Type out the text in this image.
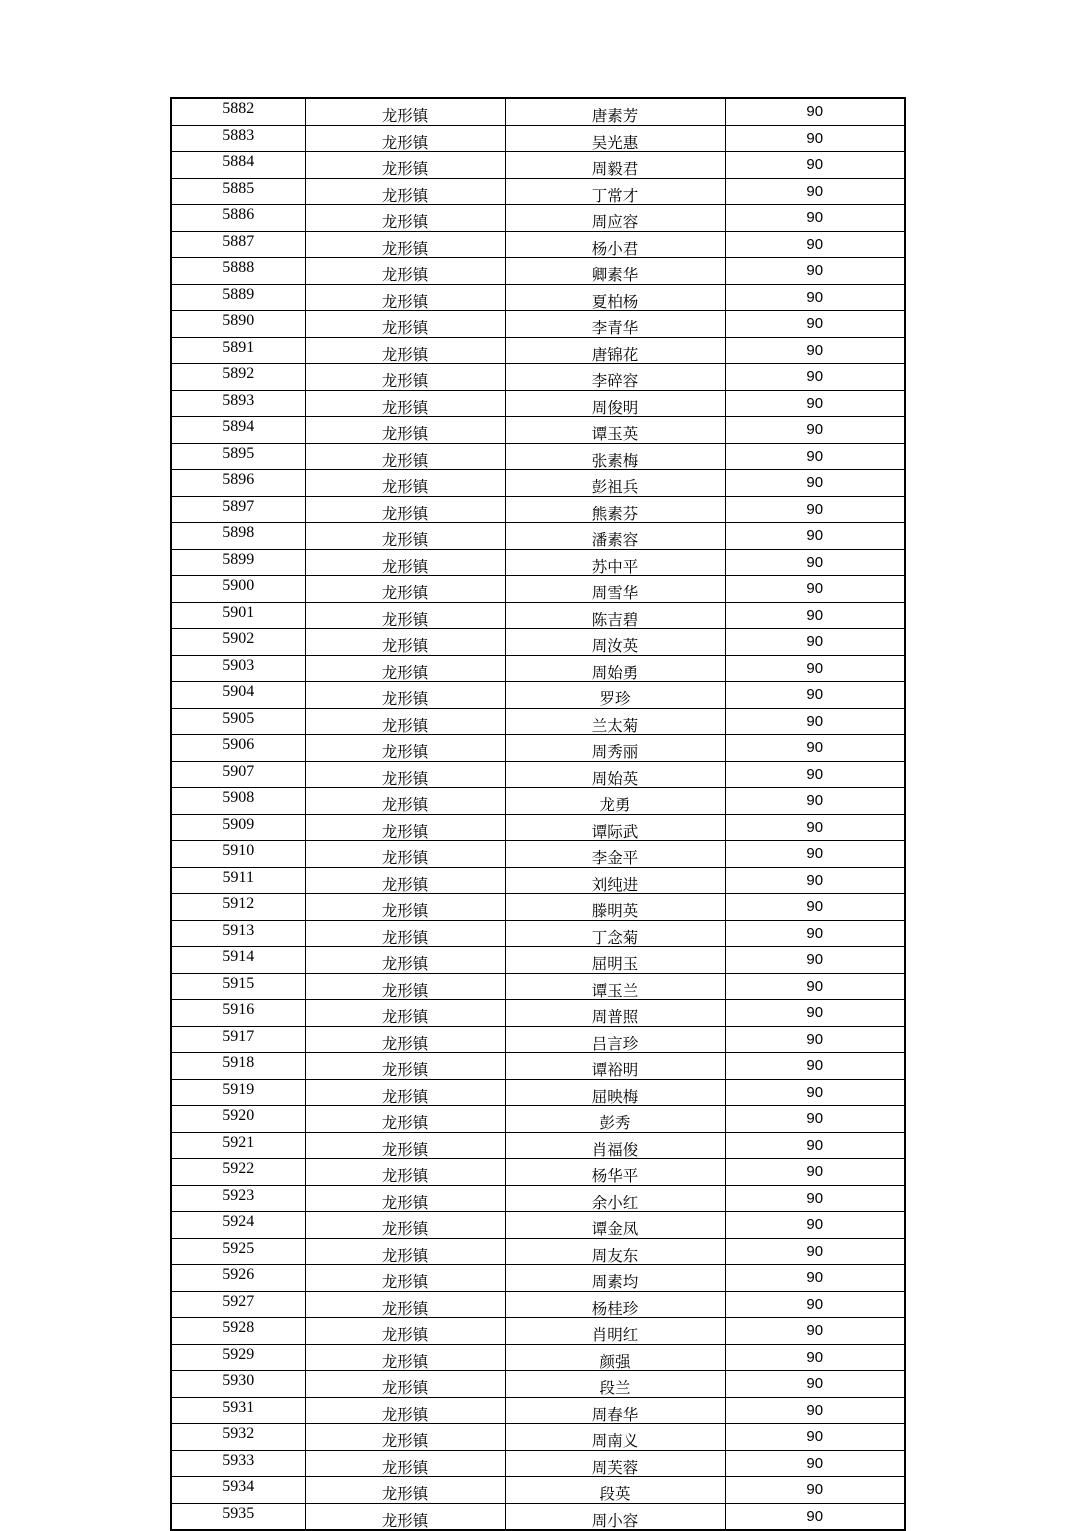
5882	龙形镇	唐素芳	90
5883	龙形镇	吴光惠	90
5884	龙形镇	周毅君	90
5885	龙形镇	丁常才	90
5886	龙形镇	周应容	90
5887	龙形镇	杨小君	90
5888	龙形镇	卿素华	90
5889	龙形镇	夏柏杨	90
5890	龙形镇	李青华	90
5891	龙形镇	唐锦花	90
5892	龙形镇	李碎容	90
5893	龙形镇	周俊明	90
5894	龙形镇	谭玉英	90
5895	龙形镇	张素梅	90
5896	龙形镇	彭祖兵	90
5897	龙形镇	熊素芬	90
5898	龙形镇	潘素容	90
5899	龙形镇	苏中平	90
5900	龙形镇	周雪华	90
5901	龙形镇	陈吉碧	90
5902	龙形镇	周汝英	90
5903	龙形镇	周始勇	90
5904	龙形镇	罗珍	90
5905	龙形镇	兰太菊	90
5906	龙形镇	周秀丽	90
5907	龙形镇	周始英	90
5908	龙形镇	龙勇	90
5909	龙形镇	谭际武	90
5910	龙形镇	李金平	90
5911	龙形镇	刘纯进	90
5912	龙形镇	滕明英	90
5913	龙形镇	丁念菊	90
5914	龙形镇	屈明玉	90
5915	龙形镇	谭玉兰	90
5916	龙形镇	周普照	90
5917	龙形镇	吕言珍	90
5918	龙形镇	谭裕明	90
5919	龙形镇	屈映梅	90
5920	龙形镇	彭秀	90
5921	龙形镇	肖福俊	90
5922	龙形镇	杨华平	90
5923	龙形镇	余小红	90
5924	龙形镇	谭金凤	90
5925	龙形镇	周友东	90
5926	龙形镇	周素均	90
5927	龙形镇	杨桂珍	90
5928	龙形镇	肖明红	90
5929	龙形镇	颜强	90
5930	龙形镇	段兰	90
5931	龙形镇	周春华	90
5932	龙形镇	周南义	90
5933	龙形镇	周芙蓉	90
5934	龙形镇	段英	90
5935	龙形镇	周小容	90
